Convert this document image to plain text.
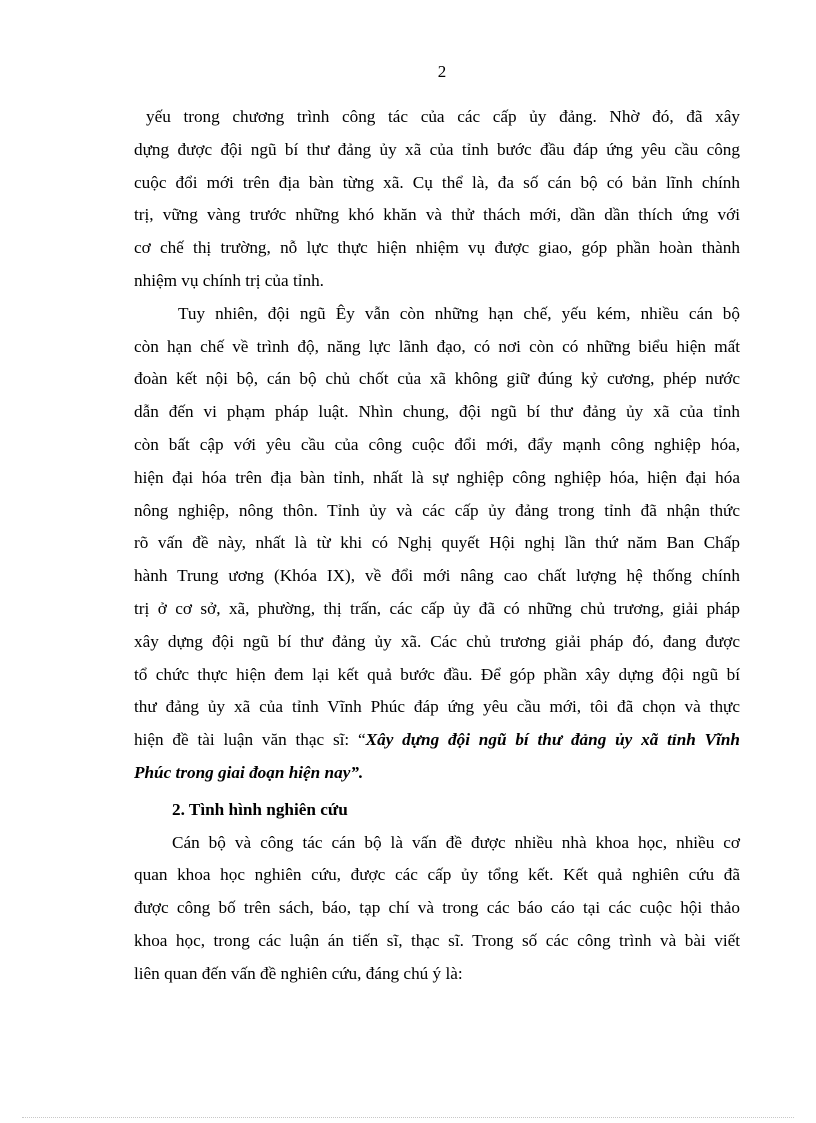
2
yếu trong chương trình công tác của các cấp ủy đảng. Nhờ đó, đã xây
dựng được đội ngũ bí thư đảng ủy xã của tỉnh bước đầu đáp ứng yêu cầu công
cuộc đổi mới trên địa bàn từng xã. Cụ thể là, đa số cán bộ có bản lĩnh chính
trị, vững vàng trước những khó khăn và thử thách mới, dần dần thích ứng với
cơ chế thị trường, nỗ lực thực hiện nhiệm vụ được giao, góp phần hoàn thành
nhiệm vụ chính trị của tỉnh.
Tuy nhiên, đội ngũ Êy vẫn còn những hạn chế, yếu kém, nhiều cán bộ
còn hạn chế về trình độ, năng lực lãnh đạo, có nơi còn có những biểu hiện mất
đoàn kết nội bộ, cán bộ chủ chốt của xã không giữ đúng kỷ cương, phép nước
dẫn đến vi phạm pháp luật. Nhìn chung, đội ngũ bí thư đảng ủy xã của tỉnh
còn bất cập với yêu cầu của công cuộc đổi mới, đẩy mạnh công nghiệp hóa,
hiện đại hóa trên địa bàn tỉnh, nhất là sự nghiệp công nghiệp hóa, hiện đại hóa
nông nghiệp, nông thôn. Tỉnh ủy và các cấp ủy đảng trong tỉnh đã nhận thức
rõ vấn đề này, nhất là từ khi có Nghị quyết Hội nghị lần thứ năm Ban Chấp
hành Trung ương (Khóa IX), về đổi mới nâng cao chất lượng hệ thống chính
trị ở cơ sở, xã, phường, thị trấn, các cấp ủy đã có những chủ trương, giải pháp
xây dựng đội ngũ bí thư đảng ủy xã. Các chủ trương giải pháp đó, đang được
tổ chức thực hiện đem lại kết quả bước đầu. Để góp phần xây dựng đội ngũ bí
thư đảng ủy xã của tỉnh Vĩnh Phúc đáp ứng yêu cầu mới, tôi đã chọn và thực
hiện đề tài luận văn thạc sĩ: “Xây dựng đội ngũ bí thư đảng ủy xã tỉnh Vĩnh
Phúc trong giai đoạn hiện nay”.
2. Tình hình nghiên cứu
Cán bộ và công tác cán bộ là vấn đề được nhiều nhà khoa học, nhiều cơ
quan khoa học nghiên cứu, được các cấp ủy tổng kết. Kết quả nghiên cứu đã
được công bố trên sách, báo, tạp chí và trong các báo cáo tại các cuộc hội thảo
khoa học, trong các luận án tiến sĩ, thạc sĩ. Trong số các công trình và bài viết
liên quan đến vấn đề nghiên cứu, đáng chú ý là:
